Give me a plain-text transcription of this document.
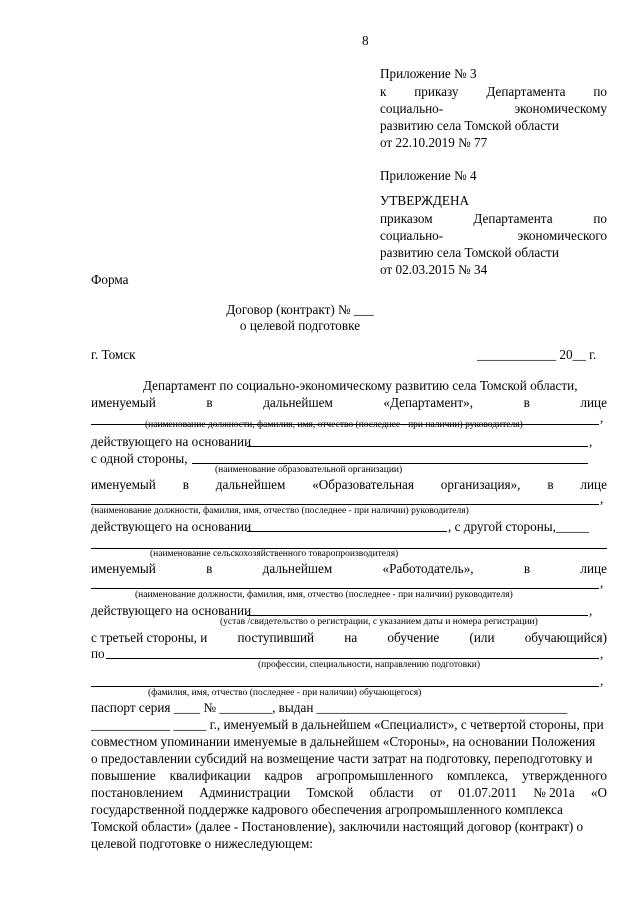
8
Приложение № 3
к приказу Департамента по
социально-	экономическому
развитию села Томской области
от 22.10.2019 № 77
Приложение № 4
УТВЕРЖДЕНА
приказом	Департамента	по
социально-	экономического
развитию села Томской области
от 02.03.2015 № 34
Форма
Договор (контракт) № ___
о целевой подготовке
г. Томск	____________ 20__ г.
Департамент по социально-экономическому развитию села Томской области,
именуемый	в	дальнейшем	«Департамент»,	в	лице
,
(наименование должности, фамилия, имя, отчество (последнее - при наличии) руководителя)
действующего на основании	,
с одной стороны,
(наименование образовательной организации)
именуемый в дальнейшем «Образовательная организация», в лице
,
(наименование должности, фамилия, имя, отчество (последнее - при наличии) руководителя)
действующего на основании	, с другой стороны,_____
(наименование сельскохозяйственного товаропроизводителя)
именуемый	в	дальнейшем	«Работодатель»,	в	лице
,
(наименование должности, фамилия, имя, отчество (последнее - при наличии) руководителя)
действующего на основании	,
(устав /свидетельство о регистрации, с указанием даты и номера регистрации)
с третьей стороны, и поступивший на обучение (или обучающийся)
по	,
(профессии, специальности, направлению подготовки)
,
(фамилия, имя, отчество (последнее - при наличии) обучающегося)
паспорт серия ____ № ________, выдан ______________________________________
____________ _____ г., именуемый в дальнейшем «Специалист», с четвертой стороны, при
совместном упоминании именуемые в дальнейшем «Стороны», на основании Положения
о предоставлении субсидий на возмещение части затрат на подготовку, переподготовку и
повышение квалификации кадров агропромышленного комплекса, утвержденного
постановлением Администрации Томской области от 01.07.2011 № 201а «О
государственной поддержке кадрового обеспечения агропромышленного комплекса
Томской области» (далее - Постановление), заключили настоящий договор (контракт) о
целевой подготовке о нижеследующем:
